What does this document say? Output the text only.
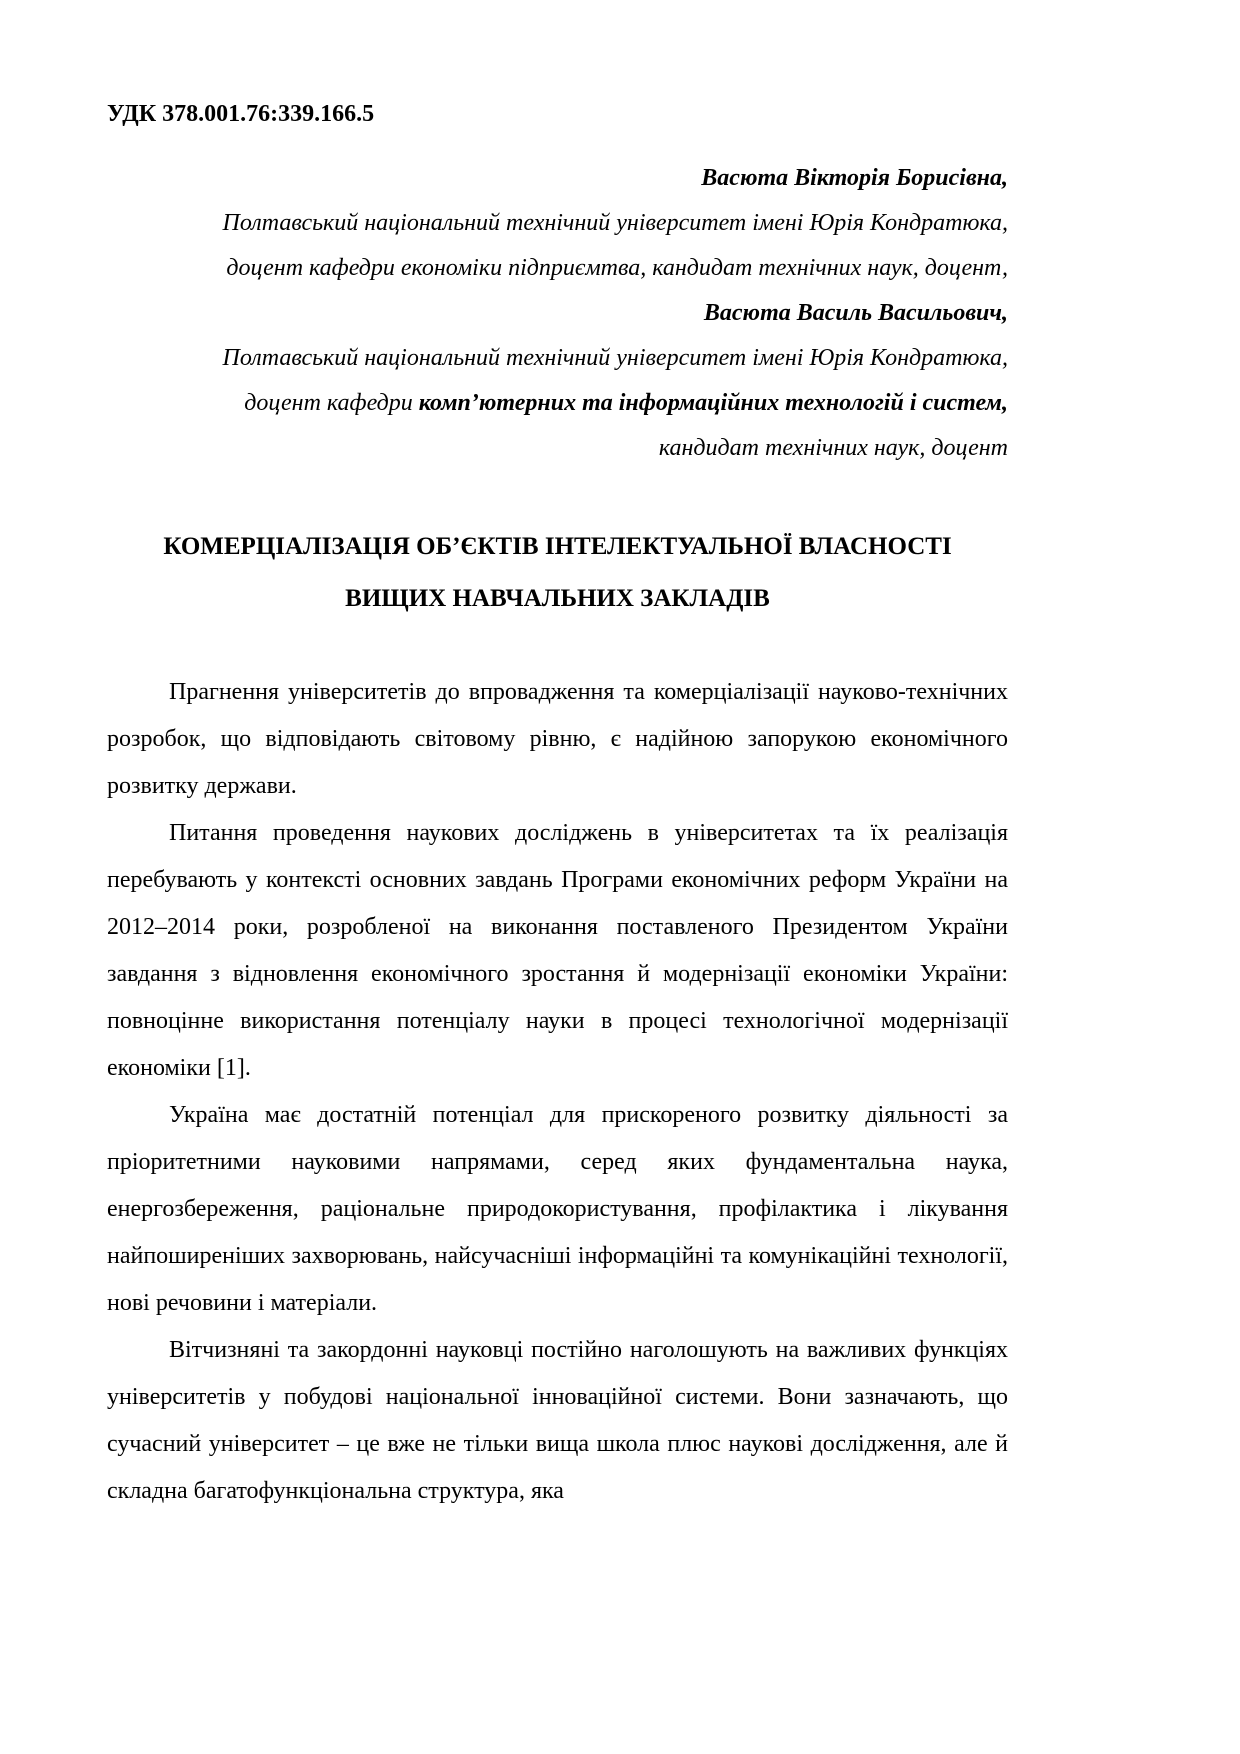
УДК 378.001.76:339.166.5

Васюта Вікторія Борисівна,

Полтавський національний технічний університет імені Юрія Кондратюка,

доцент кафедри економіки підприємтва, кандидат технічних наук, доцент,

Васюта Василь Васильович,

Полтавський національний технічний університет імені Юрія Кондратюка,

доцент кафедри комп’ютерних та інформаційних технологій і систем,

кандидат технічних наук, доцент

КОМЕРЦІАЛІЗАЦІЯ ОБ’ЄКТІВ ІНТЕЛЕКТУАЛЬНОЇ ВЛАСНОСТІ
ВИЩИХ НАВЧАЛЬНИХ ЗАКЛАДІВ

Прагнення університетів до впровадження та комерціалізації науково-технічних розробок, що відповідають світовому рівню, є надійною запорукою економічного розвитку держави.

Питання проведення наукових досліджень в університетах та їх реалізація перебувають у контексті основних завдань Програми економічних реформ України на 2012–2014 роки, розробленої на виконання поставленого Президентом України завдання з відновлення економічного зростання й модернізації економіки України: повноцінне використання потенціалу науки в процесі технологічної модернізації економіки [1].

Україна має достатній потенціал для прискореного розвитку діяльності за пріоритетними науковими напрямами, серед яких фундаментальна наука, енергозбереження, раціональне природокористування, профілактика і лікування найпоширеніших захворювань, найсучасніші інформаційні та комунікаційні технології, нові речовини і матеріали.

Вітчизняні та закордонні науковці постійно наголошують на важливих функціях університетів у побудові національної інноваційної системи. Вони зазначають, що сучасний університет – це вже не тільки вища школа плюс наукові дослідження, але й складна багатофункціональна структура, яка
